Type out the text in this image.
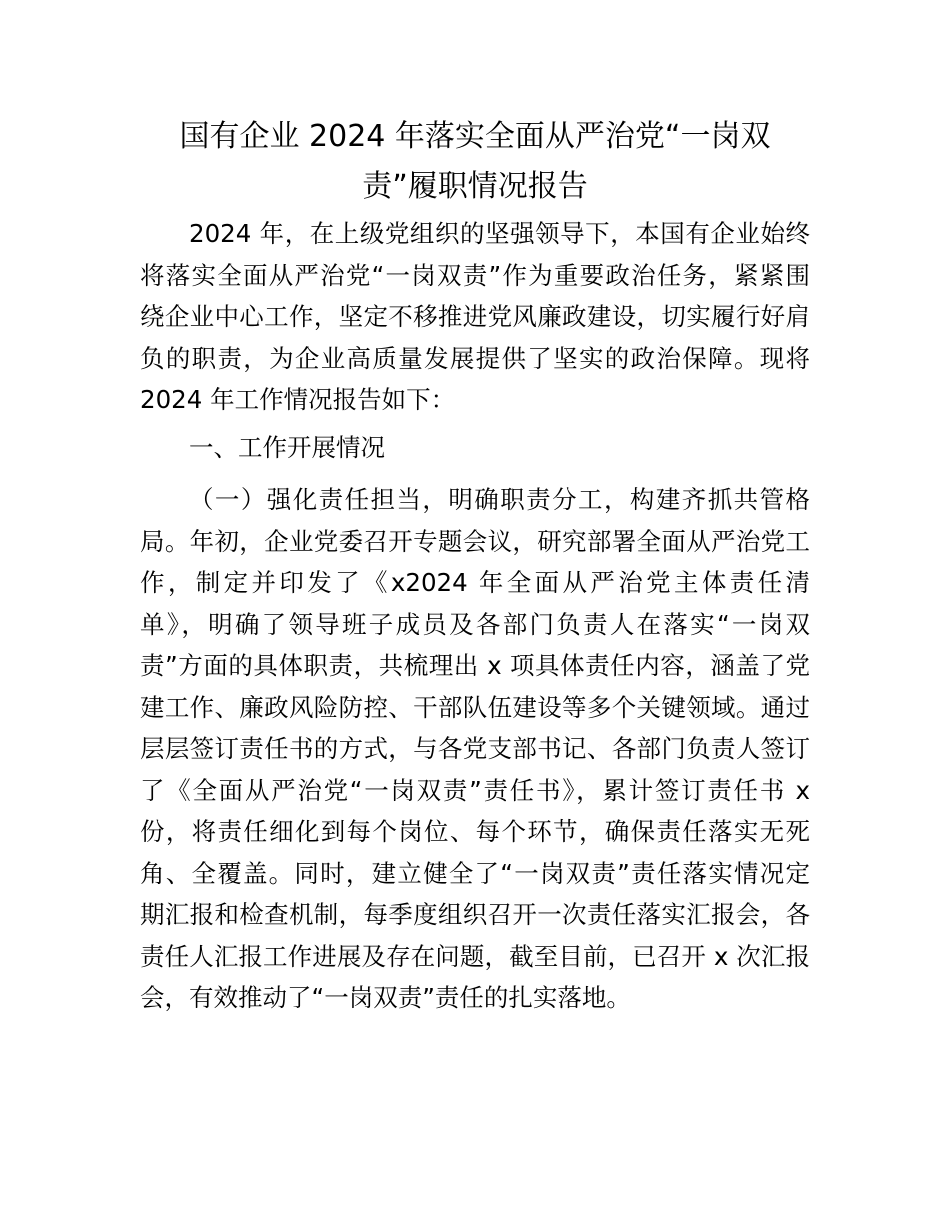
国有企业 2024 年落实全面从严治党“一岗双
责”履职情况报告

2024 年，在上级党组织的坚强领导下，本国有企业始终
将落实全面从严治党“一岗双责”作为重要政治任务，紧紧围
绕企业中心工作，坚定不移推进党风廉政建设，切实履行好肩
负的职责，为企业高质量发展提供了坚实的政治保障。现将
2024 年工作情况报告如下：

一、工作开展情况

（一）强化责任担当，明确职责分工，构建齐抓共管格
局。年初，企业党委召开专题会议，研究部署全面从严治党工
作，制定并印发了《x2024 年全面从严治党主体责任清
单》，明确了领导班子成员及各部门负责人在落实“一岗双
责”方面的具体职责，共梳理出 x 项具体责任内容，涵盖了党
建工作、廉政风险防控、干部队伍建设等多个关键领域。通过
层层签订责任书的方式，与各党支部书记、各部门负责人签订
了《全面从严治党“一岗双责”责任书》，累计签订责任书 x
份，将责任细化到每个岗位、每个环节，确保责任落实无死
角、全覆盖。同时，建立健全了“一岗双责”责任落实情况定
期汇报和检查机制，每季度组织召开一次责任落实汇报会，各
责任人汇报工作进展及存在问题，截至目前，已召开 x 次汇报
会，有效推动了“一岗双责”责任的扎实落地。
